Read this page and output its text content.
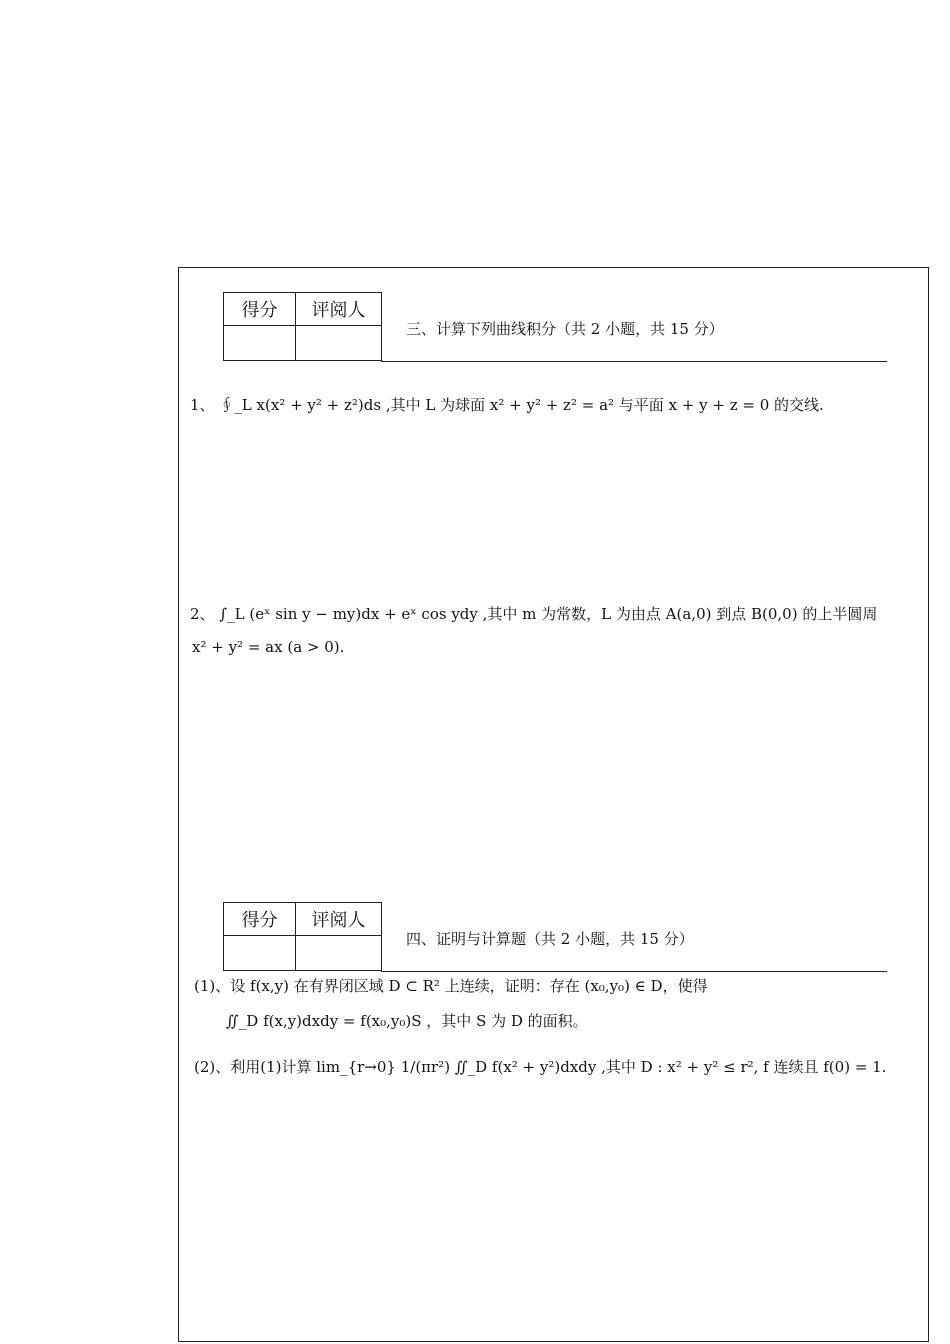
得分	评阅人

三、计算下列曲线积分（共 2 小题，共 15 分）
1、 ∮_L x(x² + y² + z²)ds ,其中 L 为球面 x² + y² + z² = a² 与平面 x + y + z = 0 的交线.
2、 ∫_L (eˣ sin y − my)dx + eˣ cos ydy ,其中 m 为常数，L 为由点 A(a,0) 到点 B(0,0) 的上半圆周
x² + y² = ax (a > 0).
得分	评阅人

四、证明与计算题（共 2 小题，共 15 分）
(1)、设 f(x,y) 在有界闭区域 D ⊂ R² 上连续，证明：存在 (x₀,y₀) ∈ D，使得
∬_D f(x,y)dxdy = f(x₀,y₀)S ，其中 S 为 D 的面积。
(2)、利用(1)计算 lim_{r→0} 1/(πr²) ∬_D f(x² + y²)dxdy ,其中 D : x² + y² ≤ r², f 连续且 f(0) = 1.
